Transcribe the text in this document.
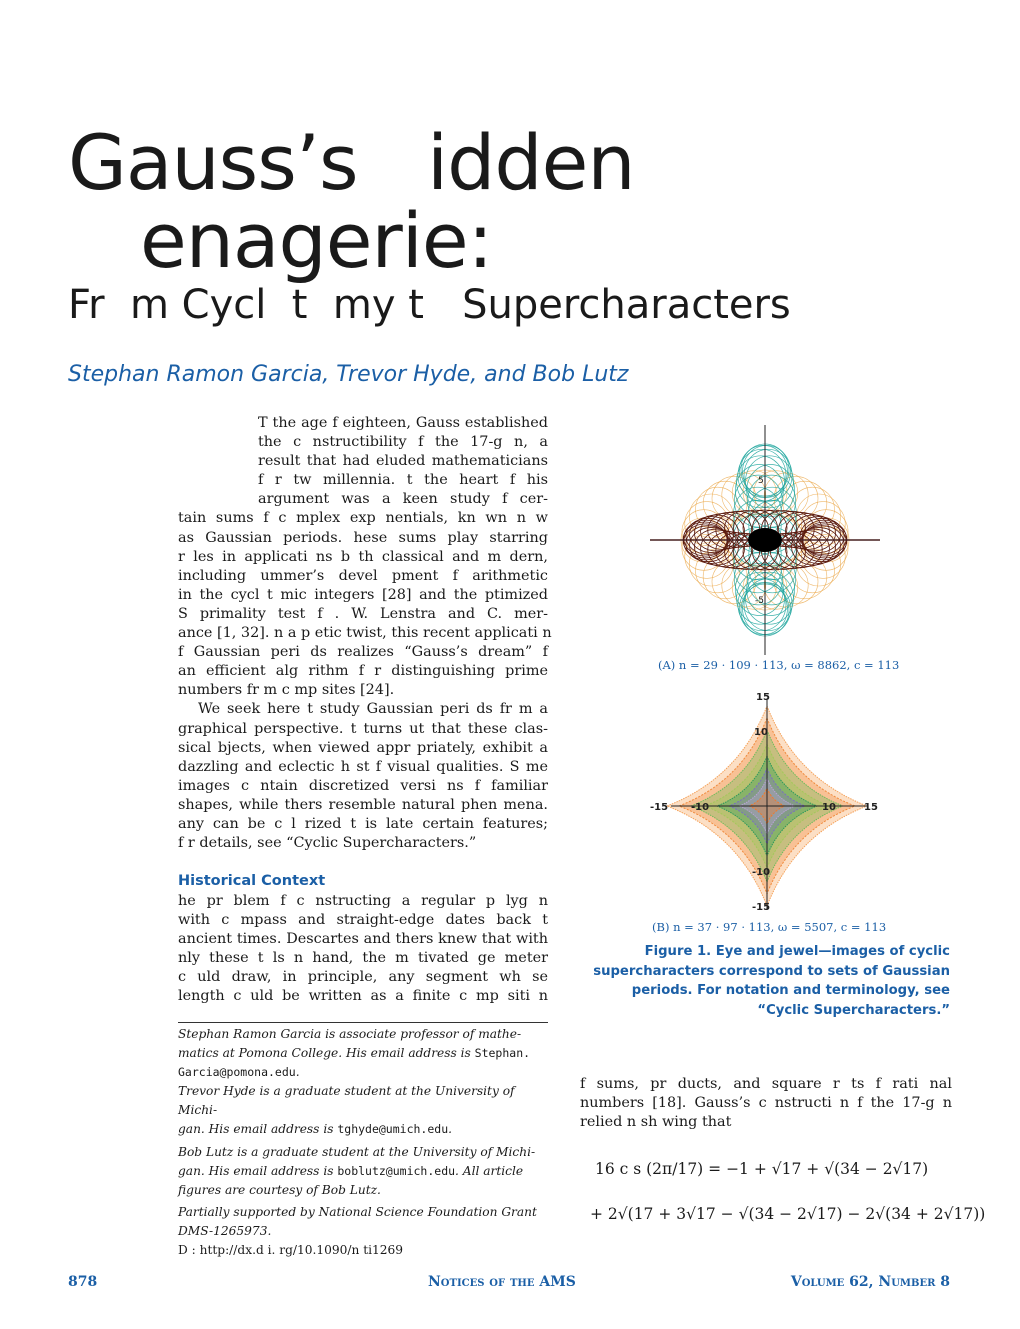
Gauss’s   idden
enagerie:
Fr  m Cycl  t  my t   Supercharacters
Stephan Ramon Garcia, Trevor Hyde, and Bob Lutz

T the age f eighteen, Gauss established

the c nstructibility f the 17-g n, a

result that had eluded mathematicians

f r tw millennia. t the heart f his

argument was a keen study f cer-

tain sums f c mplex exp nentials, kn wn n w

as Gaussian periods. hese sums play starring

r les in applicati ns b th classical and m dern,

including ummer’s devel pment f arithmetic

in the cycl t mic integers [28] and the ptimized

S primality test f . W. Lenstra and C. mer-

ance [1, 32]. n a p etic twist, this recent applicati n

f Gaussian peri ds realizes “Gauss’s dream” f

an efficient alg rithm f r distinguishing prime

numbers fr m c mp sites [24].

We seek here t study Gaussian peri ds fr m a

graphical perspective. t turns ut that these clas-

sical bjects, when viewed appr priately, exhibit a

dazzling and eclectic h st f visual qualities. S me

images c ntain discretized versi ns f familiar

shapes, while thers resemble natural phen mena.

any can be c l rized t is late certain features;

f r details, see “Cyclic Supercharacters.”

Historical Context

he pr blem f c nstructing a regular p lyg n

with c mpass and straight-edge dates back t

ancient times. Descartes and thers knew that with

nly these t ls n hand, the m tivated ge meter

c uld draw, in principle, any segment wh se

length c uld be written as a finite c mp siti n

Stephan Ramon Garcia is associate professor of mathe-
matics at Pomona College. His email address is Stephan.
Garcia@pomona.edu.
Trevor Hyde is a graduate student at the University of Michi-
gan. His email address is tghyde@umich.edu.
Bob Lutz is a graduate student at the University of Michi-
gan. His email address is boblutz@umich.edu. All article
figures are courtesy of Bob Lutz.
Partially supported by National Science Foundation Grant
DMS-1265973.
D : http://dx.d i. rg/10.1090/n ti1269
5
-5
(A) n = 29 · 109 · 113, ω = 8862, c = 113
15
10
-15 -10	10	15
-10
-15
(B) n = 37 · 97 · 113, ω = 5507, c = 113
Figure 1. Eye and jewel—images of cyclic
supercharacters correspond to sets of Gaussian
periods. For notation and terminology, see
“Cyclic Supercharacters.”

f sums, pr ducts, and square r ts f rati nal

numbers [18]. Gauss’s c nstructi n f the 17-g n

relied n sh wing that

16 c s (2π/17) = −1 + √17 + √(34 − 2√17)
+ 2√(17 + 3√17 − √(34 − 2√17) − 2√(34 + 2√17))
878	Notices of the AMS	Volume 62, Number 8
